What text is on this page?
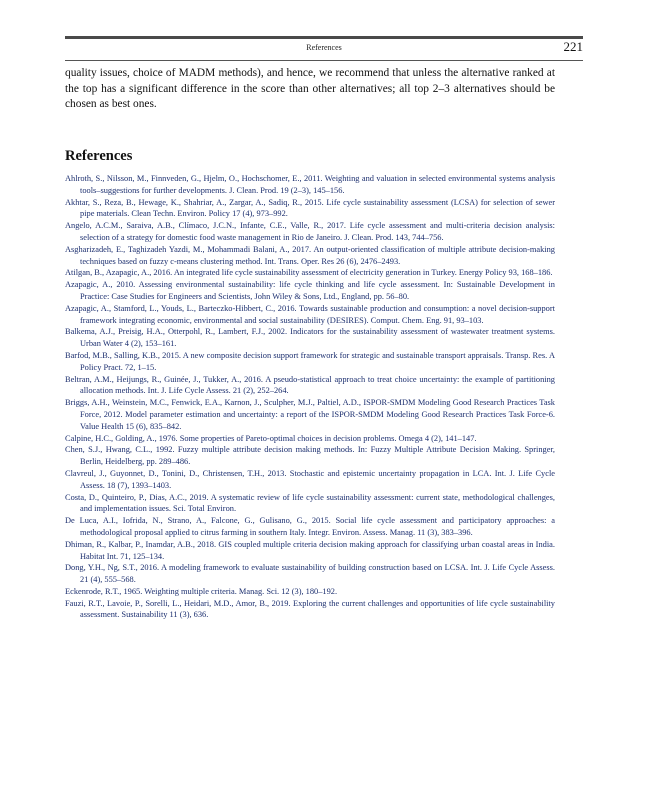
References	221

quality issues, choice of MADM methods), and hence, we recommend that unless the alternative ranked at the top has a significant difference in the score than other alternatives; all top 2–3 alternatives should be chosen as best ones.

References
Ahlroth, S., Nilsson, M., Finnveden, G., Hjelm, O., Hochschomer, E., 2011. Weighting and valuation in selected environmental systems analysis tools–suggestions for further developments. J. Clean. Prod. 19 (2–3), 145–156.
Akhtar, S., Reza, B., Hewage, K., Shahriar, A., Zargar, A., Sadiq, R., 2015. Life cycle sustainability assessment (LCSA) for selection of sewer pipe materials. Clean Techn. Environ. Policy 17 (4), 973–992.
Angelo, A.C.M., Saraiva, A.B., Clímaco, J.C.N., Infante, C.E., Valle, R., 2017. Life cycle assessment and multi-criteria decision analysis: selection of a strategy for domestic food waste management in Rio de Janeiro. J. Clean. Prod. 143, 744–756.
Asgharizadeh, E., Taghizadeh Yazdi, M., Mohammadi Balani, A., 2017. An output-oriented classification of multiple attribute decision-making techniques based on fuzzy c-means clustering method. Int. Trans. Oper. Res 26 (6), 2476–2493.
Atilgan, B., Azapagic, A., 2016. An integrated life cycle sustainability assessment of electricity generation in Turkey. Energy Policy 93, 168–186.
Azapagic, A., 2010. Assessing environmental sustainability: life cycle thinking and life cycle assessment. In: Sustainable Development in Practice: Case Studies for Engineers and Scientists, John Wiley & Sons, Ltd., England, pp. 56–80.
Azapagic, A., Stamford, L., Youds, L., Barteczko-Hibbert, C., 2016. Towards sustainable production and consumption: a novel decision-support framework integrating economic, environmental and social sustainability (DESIRES). Comput. Chem. Eng. 91, 93–103.
Balkema, A.J., Preisig, H.A., Otterpohl, R., Lambert, F.J., 2002. Indicators for the sustainability assessment of wastewater treatment systems. Urban Water 4 (2), 153–161.
Barfod, M.B., Salling, K.B., 2015. A new composite decision support framework for strategic and sustainable transport appraisals. Transp. Res. A Policy Pract. 72, 1–15.
Beltran, A.M., Heijungs, R., Guinée, J., Tukker, A., 2016. A pseudo-statistical approach to treat choice uncertainty: the example of partitioning allocation methods. Int. J. Life Cycle Assess. 21 (2), 252–264.
Briggs, A.H., Weinstein, M.C., Fenwick, E.A., Karnon, J., Sculpher, M.J., Paltiel, A.D., ISPOR-SMDM Modeling Good Research Practices Task Force, 2012. Model parameter estimation and uncertainty: a report of the ISPOR-SMDM Modeling Good Research Practices Task Force-6. Value Health 15 (6), 835–842.
Calpine, H.C., Golding, A., 1976. Some properties of Pareto-optimal choices in decision problems. Omega 4 (2), 141–147.
Chen, S.J., Hwang, C.L., 1992. Fuzzy multiple attribute decision making methods. In: Fuzzy Multiple Attribute Decision Making. Springer, Berlin, Heidelberg, pp. 289–486.
Clavreul, J., Guyonnet, D., Tonini, D., Christensen, T.H., 2013. Stochastic and epistemic uncertainty propagation in LCA. Int. J. Life Cycle Assess. 18 (7), 1393–1403.
Costa, D., Quinteiro, P., Dias, A.C., 2019. A systematic review of life cycle sustainability assessment: current state, methodological challenges, and implementation issues. Sci. Total Environ.
De Luca, A.I., Iofrida, N., Strano, A., Falcone, G., Gulisano, G., 2015. Social life cycle assessment and participatory approaches: a methodological proposal applied to citrus farming in southern Italy. Integr. Environ. Assess. Manag. 11 (3), 383–396.
Dhiman, R., Kalbar, P., Inamdar, A.B., 2018. GIS coupled multiple criteria decision making approach for classifying urban coastal areas in India. Habitat Int. 71, 125–134.
Dong, Y.H., Ng, S.T., 2016. A modeling framework to evaluate sustainability of building construction based on LCSA. Int. J. Life Cycle Assess. 21 (4), 555–568.
Eckenrode, R.T., 1965. Weighting multiple criteria. Manag. Sci. 12 (3), 180–192.
Fauzi, R.T., Lavoie, P., Sorelli, L., Heidari, M.D., Amor, B., 2019. Exploring the current challenges and opportunities of life cycle sustainability assessment. Sustainability 11 (3), 636.
